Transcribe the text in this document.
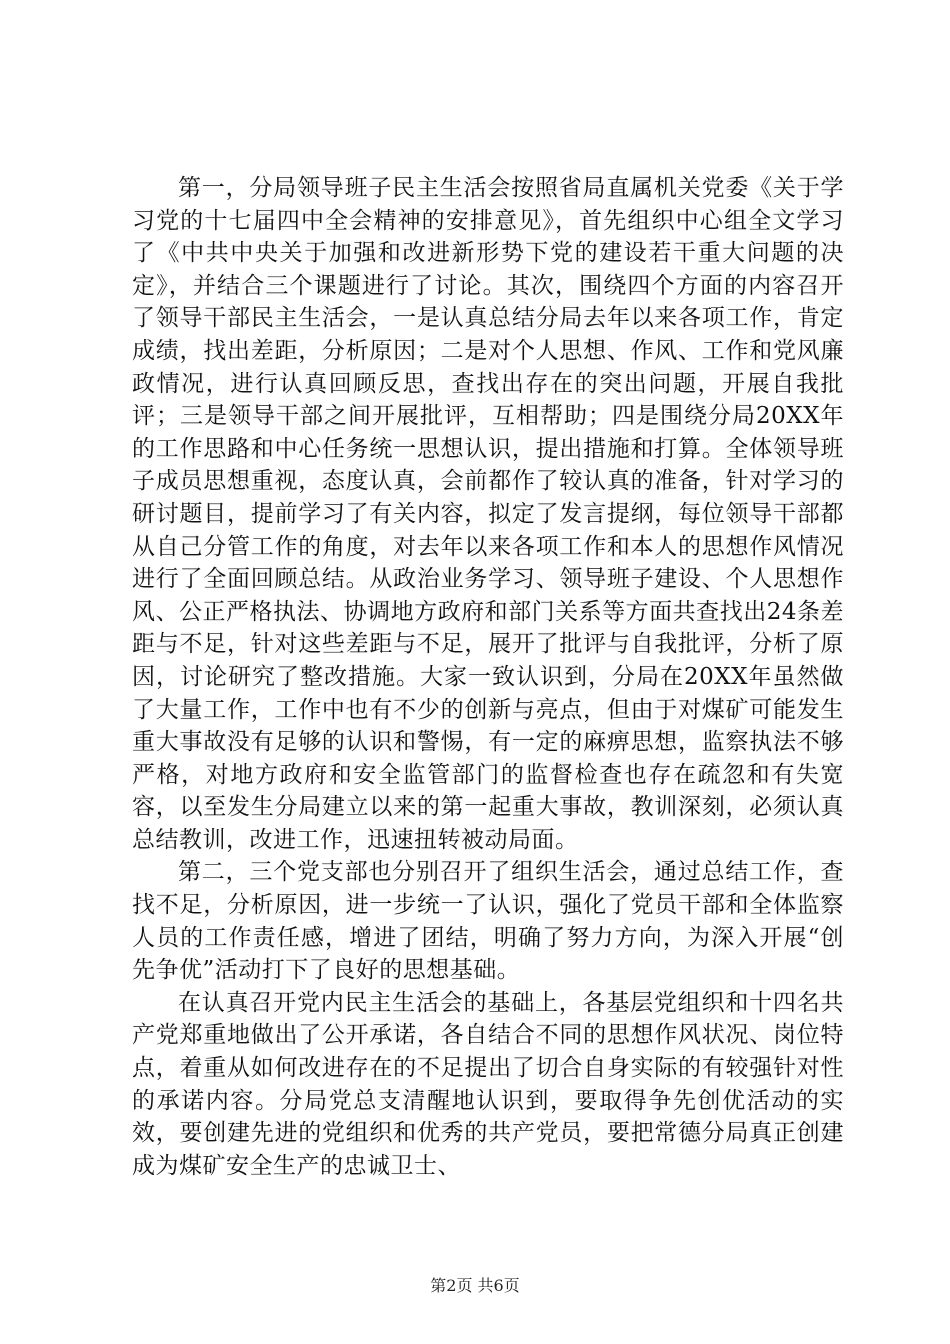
第一，分局领导班子民主生活会按照省局直属机关党委《关于学习党的十七届四中全会精神的安排意见》，首先组织中心组全文学习了《中共中央关于加强和改进新形势下党的建设若干重大问题的决定》，并结合三个课题进行了讨论。其次，围绕四个方面的内容召开了领导干部民主生活会，一是认真总结分局去年以来各项工作，肯定成绩，找出差距，分析原因；二是对个人思想、作风、工作和党风廉政情况，进行认真回顾反思，查找出存在的突出问题，开展自我批评；三是领导干部之间开展批评，互相帮助；四是围绕分局20XX年的工作思路和中心任务统一思想认识，提出措施和打算。全体领导班子成员思想重视，态度认真，会前都作了较认真的准备，针对学习的研讨题目，提前学习了有关内容，拟定了发言提纲，每位领导干部都从自己分管工作的角度，对去年以来各项工作和本人的思想作风情况进行了全面回顾总结。从政治业务学习、领导班子建设、个人思想作风、公正严格执法、协调地方政府和部门关系等方面共查找出24条差距与不足，针对这些差距与不足，展开了批评与自我批评，分析了原因，讨论研究了整改措施。大家一致认识到，分局在20XX年虽然做了大量工作，工作中也有不少的创新与亮点，但由于对煤矿可能发生重大事故没有足够的认识和警惕，有一定的麻痹思想，监察执法不够严格，对地方政府和安全监管部门的监督检查也存在疏忽和有失宽容，以至发生分局建立以来的第一起重大事故，教训深刻，必须认真总结教训，改进工作，迅速扭转被动局面。

第二，三个党支部也分别召开了组织生活会，通过总结工作，查找不足，分析原因，进一步统一了认识，强化了党员干部和全体监察人员的工作责任感，增进了团结，明确了努力方向，为深入开展“创先争优”活动打下了良好的思想基础。

在认真召开党内民主生活会的基础上，各基层党组织和十四名共产党郑重地做出了公开承诺，各自结合不同的思想作风状况、岗位特点，着重从如何改进存在的不足提出了切合自身实际的有较强针对性的承诺内容。分局党总支清醒地认识到，要取得争先创优活动的实效，要创建先进的党组织和优秀的共产党员，要把常德分局真正创建成为煤矿安全生产的忠诚卫士、

第2页 共6页
